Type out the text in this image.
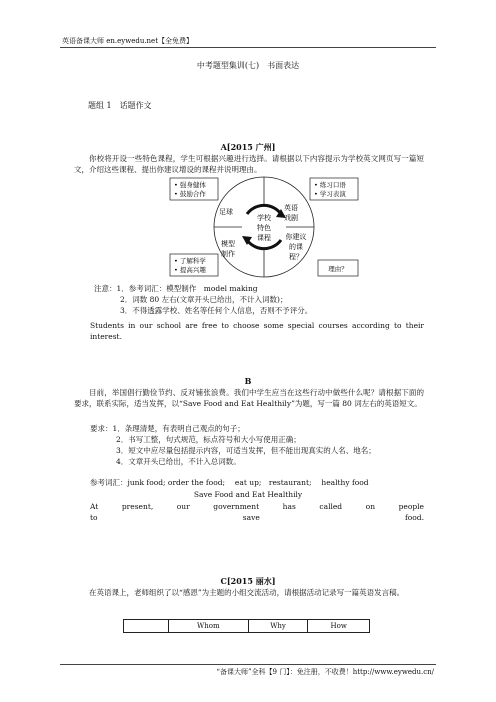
英语备课大师 en.eywedu.net【全免费】
中考题型集训(七)　书面表达
题组 1　话题作文
A[2015 广州]
你校将开设一些特色课程，学生可根据兴趣进行选择。请根据以下内容提示为学校英文网页写一篇短文，介绍这些课程、提出你建议增设的课程并说明理由。
学校
特色
课程
足球	英语
戏剧
模型
制作
你建议
的课
程？
• 强身健体
• 鼓励合作
• 练习口语
• 学习表演
• 了解科学
• 提高兴趣	理由？
注意：1．参考词汇：模型制作　model making
2．词数 80 左右(文章开头已给出，不计入词数)；
3．不得透露学校、姓名等任何个人信息，否则不予评分。
Students in our school are free to choose some special courses according to their interest.
B
目前，举国倡行勤俭节约、反对铺张浪费。我们中学生应当在这些行动中做些什么呢？请根据下面的要求，联系实际，适当发挥，以“Save Food and Eat Healthily”为题，写一篇 80 词左右的英语短文。
要求：1．条理清楚，有表明自己观点的句子；
2．书写工整，句式规范，标点符号和大小写使用正确；
3．短文中应尽量包括提示内容，可适当发挥，但不能出现真实的人名、地名；
4．文章开头已给出，不计入总词数。
参考词汇：junk food; order the food;　 eat up;　restaurant;　 healthy food
Save Food and Eat Healthily
At present, our government has called on people to save food.
C[2015 丽水]
在英语课上，老师组织了以“感恩”为主题的小组交流活动，请根据活动记录写一篇英语发言稿。
	Whom	Why	How
“备课大师”全科【9 门】：免注册，不收费！http://www.eywedu.cn/
